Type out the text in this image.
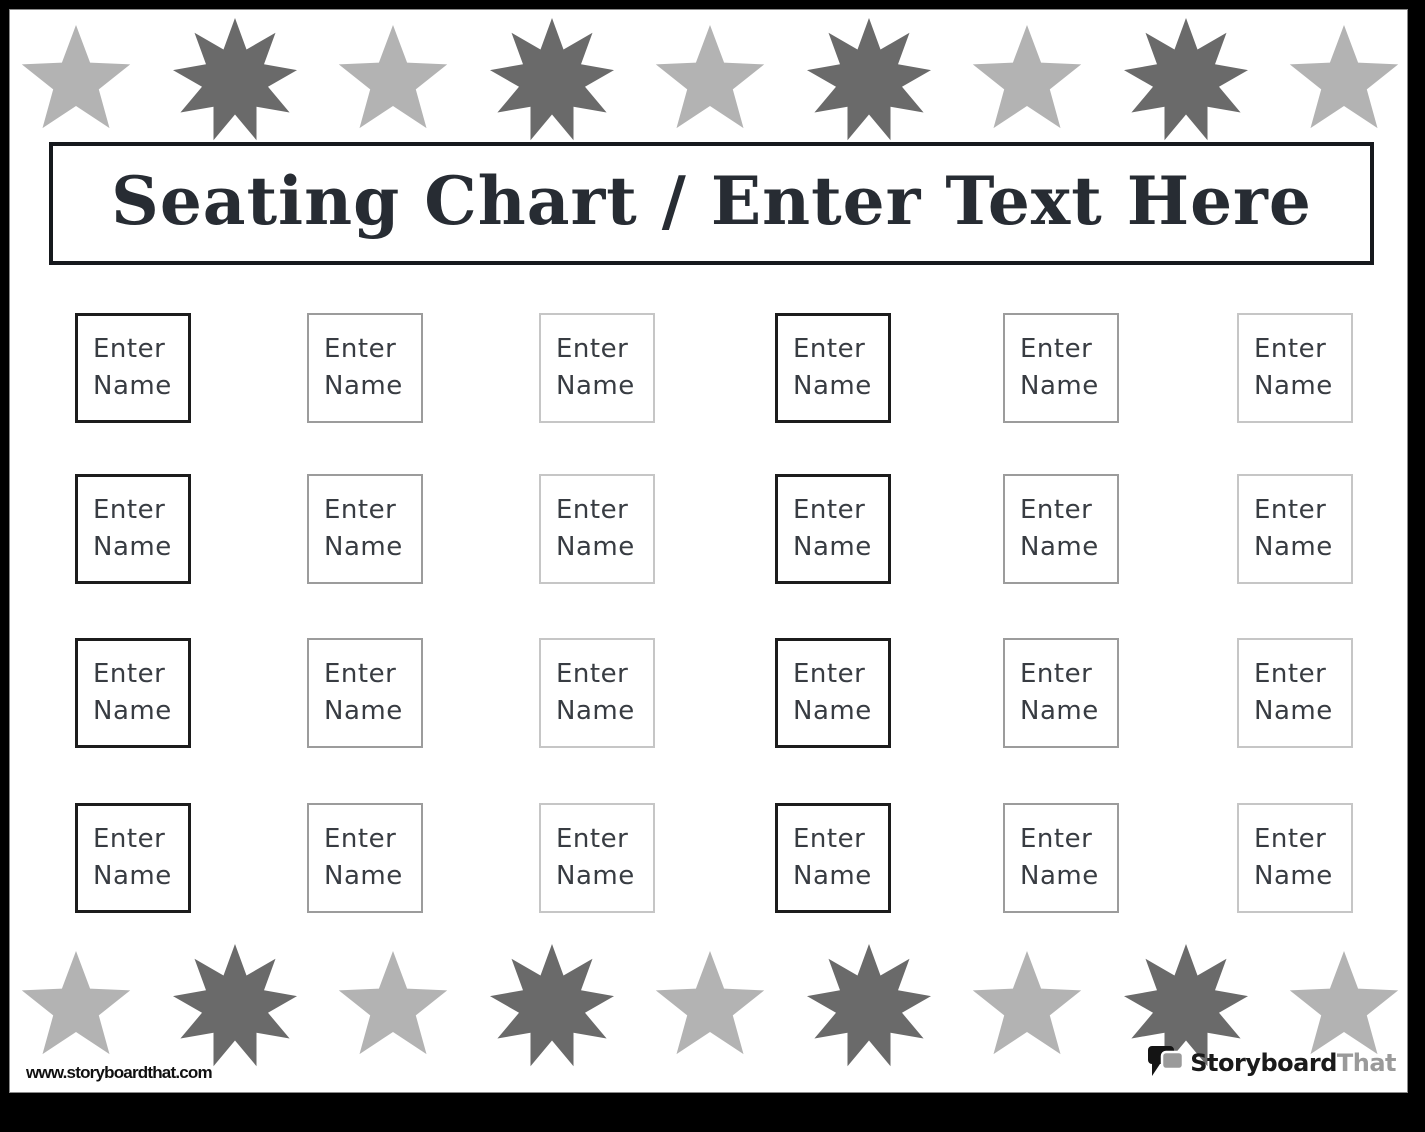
Seating Chart / Enter Text Here
Enter Name
Enter Name
Enter Name
Enter Name
Enter Name
Enter Name
Enter Name
Enter Name
Enter Name
Enter Name
Enter Name
Enter Name
Enter Name
Enter Name
Enter Name
Enter Name
Enter Name
Enter Name
Enter Name
Enter Name
Enter Name
Enter Name
Enter Name
Enter Name
www.storyboardthat.com	StoryboardThat
